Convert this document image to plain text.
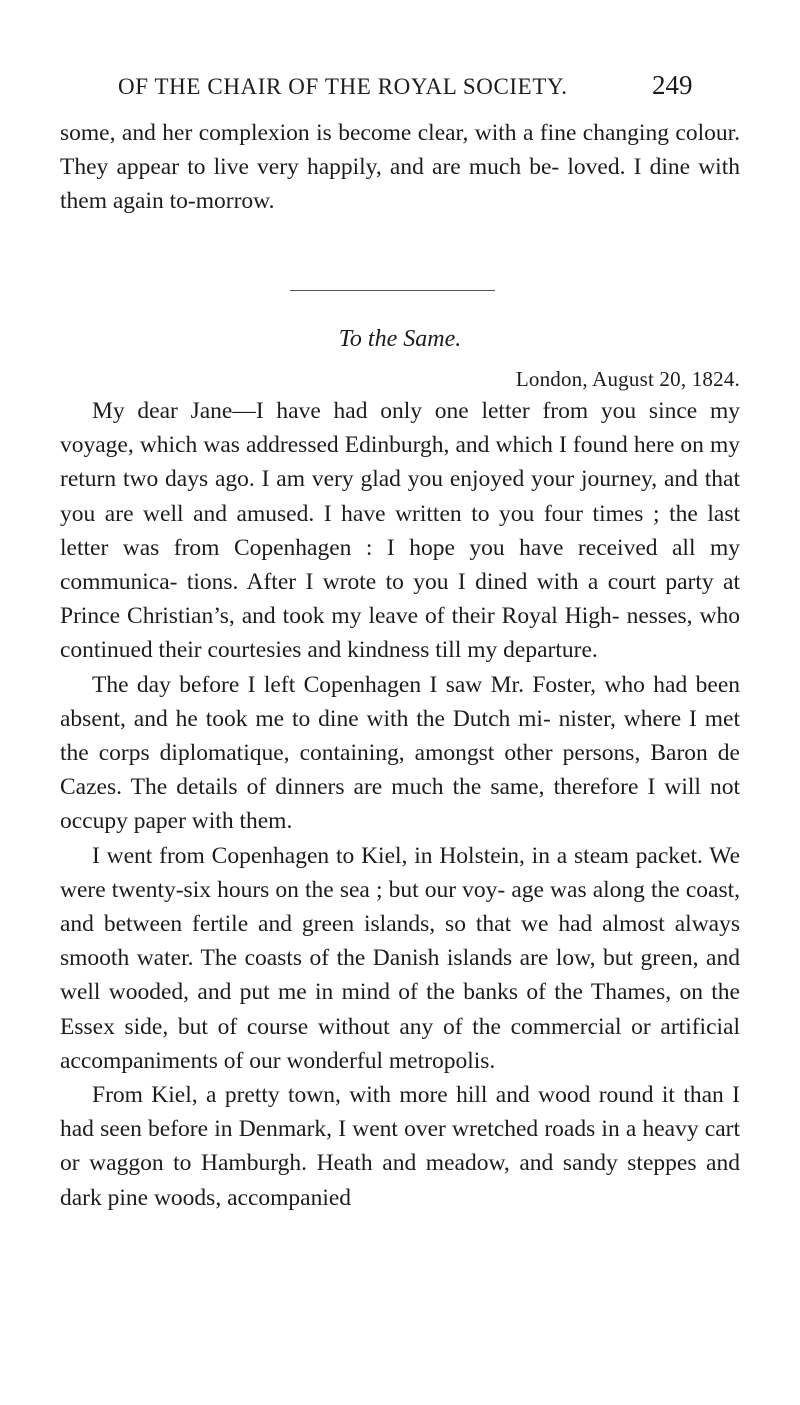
OF THE CHAIR OF THE ROYAL SOCIETY.	249

some, and her complexion is become clear, with a fine changing colour. They appear to live very happily, and are much be- loved. I dine with them again to-morrow.

To the Same.
London, August 20, 1824.

My dear Jane—I have had only one letter from you since my voyage, which was addressed Edinburgh, and which I found here on my return two days ago. I am very glad you enjoyed your journey, and that you are well and amused. I have written to you four times ; the last letter was from Copenhagen : I hope you have received all my communica- tions. After I wrote to you I dined with a court party at Prince Christian’s, and took my leave of their Royal High- nesses, who continued their courtesies and kindness till my departure.

The day before I left Copenhagen I saw Mr. Foster, who had been absent, and he took me to dine with the Dutch mi- nister, where I met the corps diplomatique, containing, amongst other persons, Baron de Cazes. The details of dinners are much the same, therefore I will not occupy paper with them.

I went from Copenhagen to Kiel, in Holstein, in a steam packet. We were twenty-six hours on the sea ; but our voy- age was along the coast, and between fertile and green islands, so that we had almost always smooth water. The coasts of the Danish islands are low, but green, and well wooded, and put me in mind of the banks of the Thames, on the Essex side, but of course without any of the commercial or artificial accompaniments of our wonderful metropolis.

From Kiel, a pretty town, with more hill and wood round it than I had seen before in Denmark, I went over wretched roads in a heavy cart or waggon to Hamburgh. Heath and meadow, and sandy steppes and dark pine woods, accompanied
